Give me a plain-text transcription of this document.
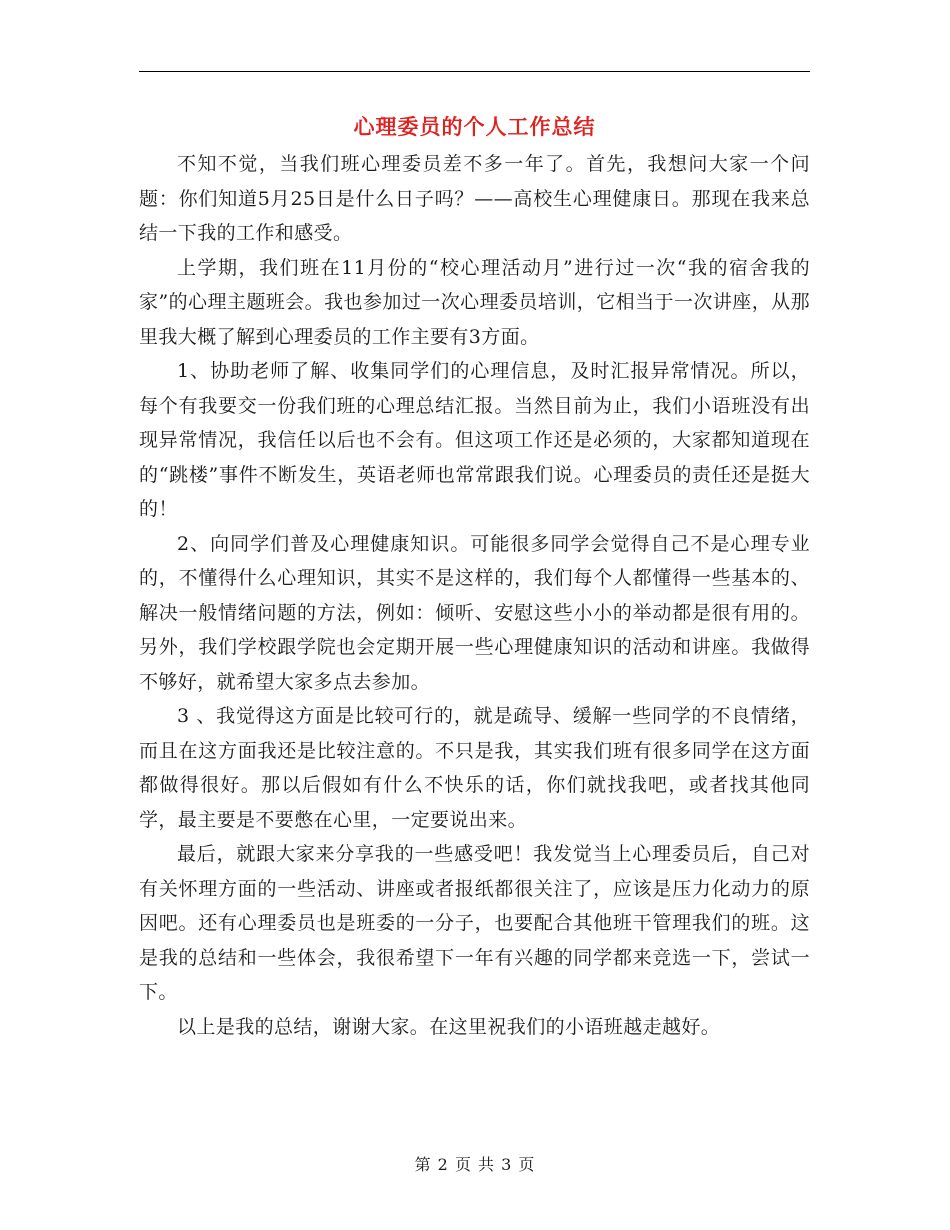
心理委员的个人工作总结

不知不觉，当我们班心理委员差不多一年了。首先，我想问大家一个问题：你们知道5月25日是什么日子吗？——高校生心理健康日。那现在我来总结一下我的工作和感受。

上学期，我们班在11月份的“校心理活动月”进行过一次“我的宿舍我的家”的心理主题班会。我也参加过一次心理委员培训，它相当于一次讲座，从那里我大概了解到心理委员的工作主要有3方面。

1、协助老师了解、收集同学们的心理信息，及时汇报异常情况。所以，每个有我要交一份我们班的心理总结汇报。当然目前为止，我们小语班没有出现异常情况，我信任以后也不会有。但这项工作还是必须的，大家都知道现在的“跳楼”事件不断发生，英语老师也常常跟我们说。心理委员的责任还是挺大的！

2、向同学们普及心理健康知识。可能很多同学会觉得自己不是心理专业的，不懂得什么心理知识，其实不是这样的，我们每个人都懂得一些基本的、解决一般情绪问题的方法，例如：倾听、安慰这些小小的举动都是很有用的。另外，我们学校跟学院也会定期开展一些心理健康知识的活动和讲座。我做得不够好，就希望大家多点去参加。

3 、我觉得这方面是比较可行的，就是疏导、缓解一些同学的不良情绪，而且在这方面我还是比较注意的。不只是我，其实我们班有很多同学在这方面都做得很好。那以后假如有什么不快乐的话，你们就找我吧，或者找其他同学，最主要是不要憋在心里，一定要说出来。

最后，就跟大家来分享我的一些感受吧！我发觉当上心理委员后，自己对有关怀理方面的一些活动、讲座或者报纸都很关注了，应该是压力化动力的原因吧。还有心理委员也是班委的一分子，也要配合其他班干管理我们的班。这是我的总结和一些体会，我很希望下一年有兴趣的同学都来竞选一下，尝试一下。

以上是我的总结，谢谢大家。在这里祝我们的小语班越走越好。

第 2 页 共 3 页
